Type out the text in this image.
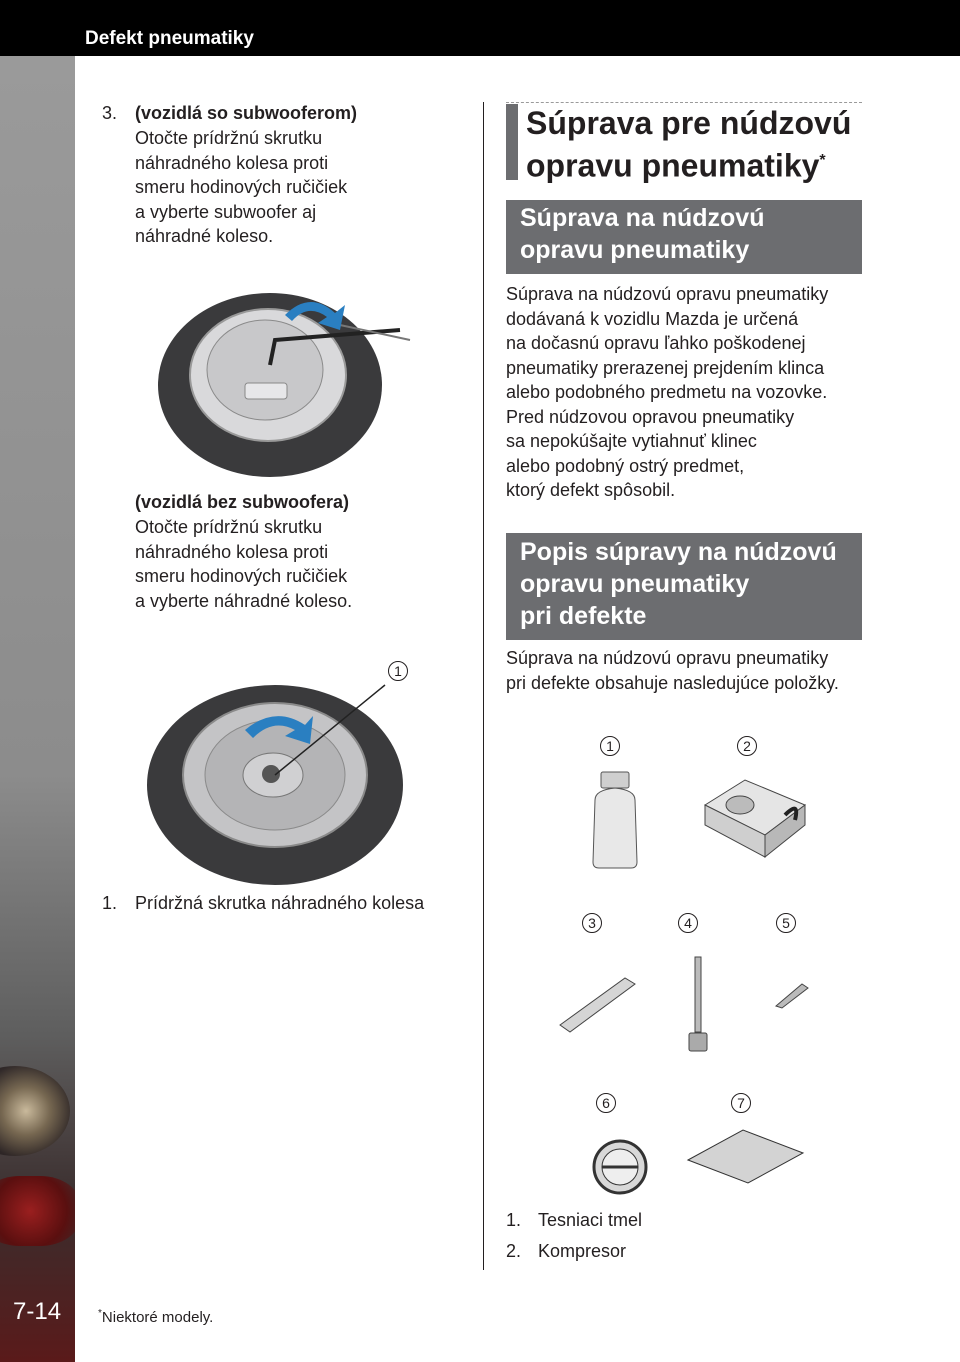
Defekt pneumatiky
7-14
3. (vozidlá so subwooferom)
Otočte prídržnú skrutku
náhradného kolesa proti
smeru hodinových ručičiek
a vyberte subwoofer aj
náhradné koleso.
(vozidlá bez subwoofera)
Otočte prídržnú skrutku
náhradného kolesa proti
smeru hodinových ručičiek
a vyberte náhradné koleso.
1
1. Prídržná skrutka náhradného kolesa
Súprava pre núdzovú
opravu pneumatiky*
Súprava na núdzovú
opravu pneumatiky
Súprava na núdzovú opravu pneumatiky
dodávaná k vozidlu Mazda je určená
na dočasnú opravu ľahko poškodenej
pneumatiky prerazenej prejdením klinca
alebo podobného predmetu na vozovke.
Pred núdzovou opravou pneumatiky
sa nepokúšajte vytiahnuť klinec
alebo podobný ostrý predmet,
ktorý defekt spôsobil.
Popis súpravy na núdzovú
opravu pneumatiky
pri defekte
Súprava na núdzovú opravu pneumatiky
pri defekte obsahuje nasledujúce položky.
1	2
3	4	5
6	7
1. Tesniaci tmel
2. Kompresor
*Niektoré modely.
